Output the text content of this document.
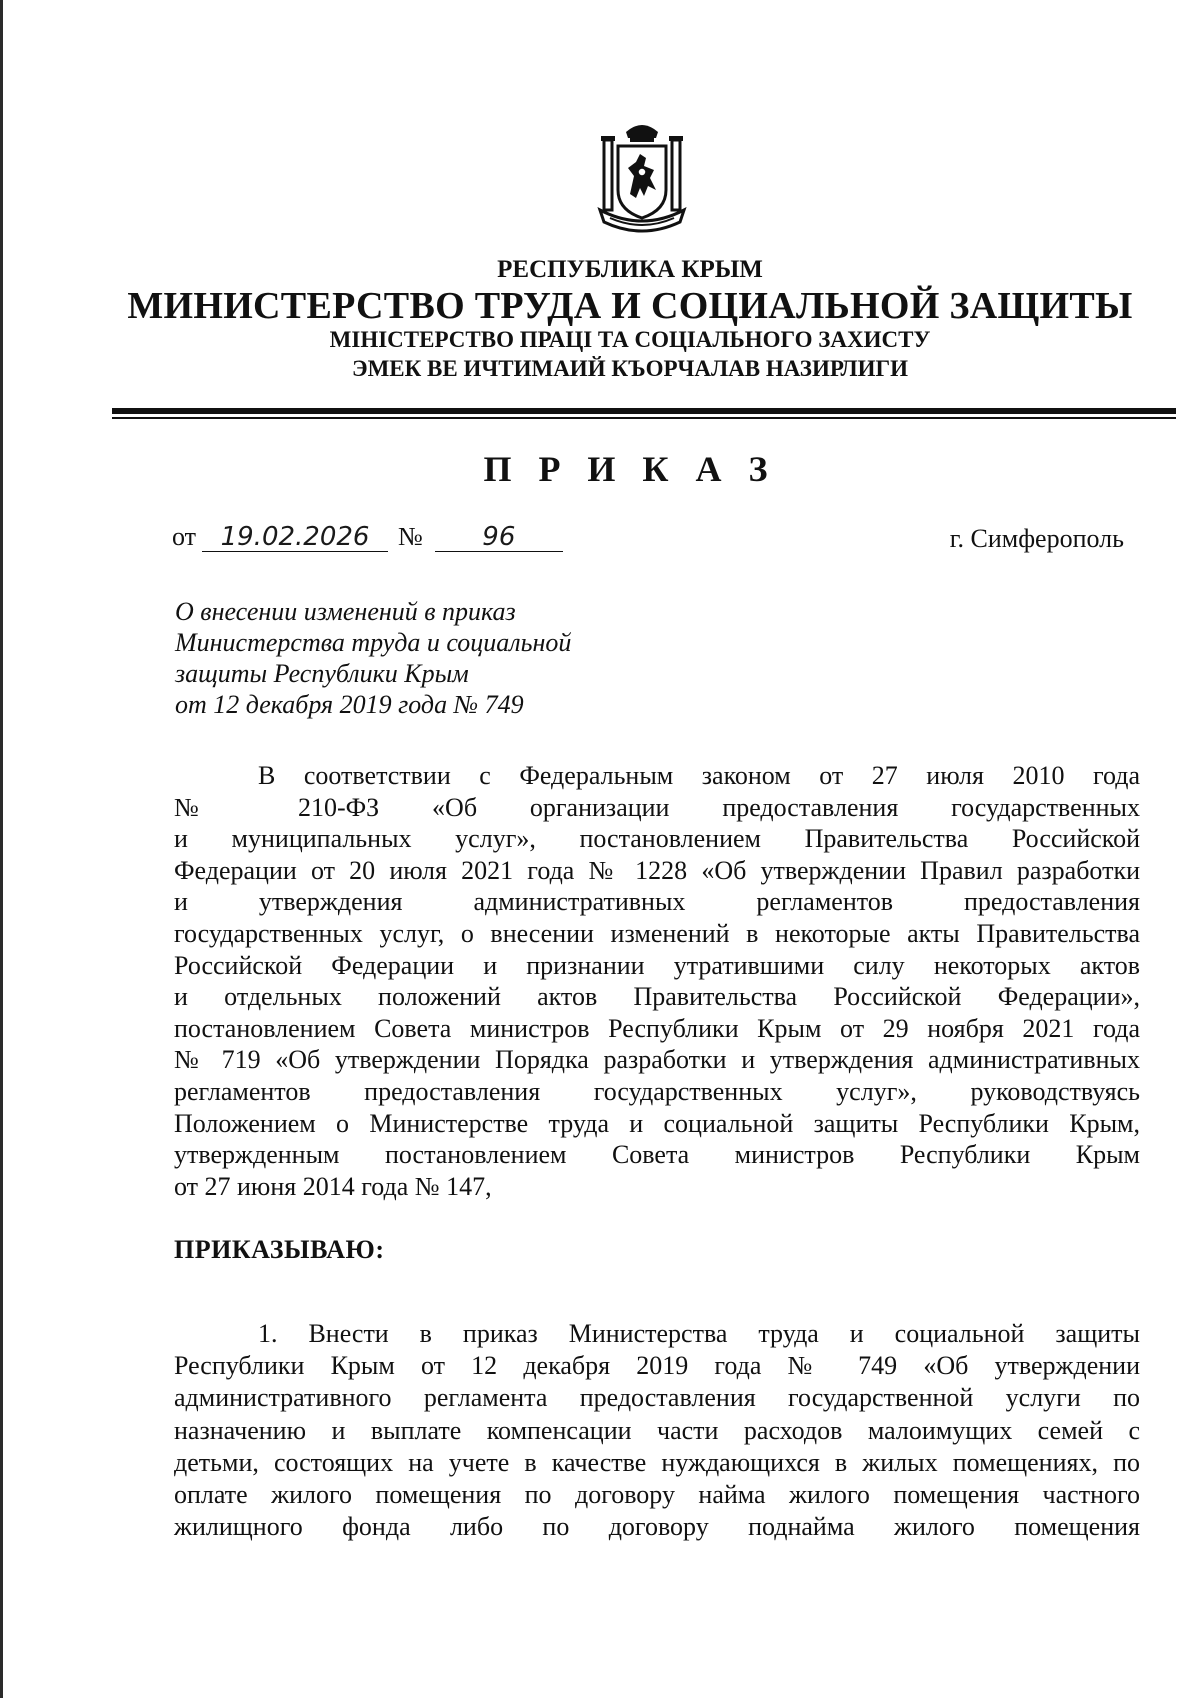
РЕСПУБЛИКА КРЫМ
МИНИСТЕРСТВО ТРУДА И СОЦИАЛЬНОЙ ЗАЩИТЫ
МІНІСТЕРСТВО ПРАЦІ ТА СОЦІАЛЬНОГО ЗАХИСТУ
ЭМЕК ВЕ ИЧТИМАИЙ КЪОРЧАЛАВ НАЗИРЛИГИ
П Р И К А З
от 19.02.2026	№	96	г. Симферополь
О внесении изменений в приказ
Министерства труда и социальной
защиты Республики Крым
от 12 декабря 2019 года № 749
В соответствии с Федеральным законом от 27 июля 2010 года
№ 210-ФЗ «Об организации предоставления государственных
и муниципальных услуг», постановлением Правительства Российской
Федерации от 20 июля 2021 года № 1228 «Об утверждении Правил разработки
и утверждения административных регламентов предоставления
государственных услуг, о внесении изменений в некоторые акты Правительства
Российской Федерации и признании утратившими силу некоторых актов
и отдельных положений актов Правительства Российской Федерации»,
постановлением Совета министров Республики Крым от 29 ноября 2021 года
№ 719 «Об утверждении Порядка разработки и утверждения административных
регламентов предоставления государственных услуг», руководствуясь
Положением о Министерстве труда и социальной защиты Республики Крым,
утвержденным постановлением Совета министров Республики Крым
от 27 июня 2014 года № 147,
ПРИКАЗЫВАЮ:
1. Внести в приказ Министерства труда и социальной защиты
Республики Крым от 12 декабря 2019 года № 749 «Об утверждении
административного регламента предоставления государственной услуги по
назначению и выплате компенсации части расходов малоимущих семей с
детьми, состоящих на учете в качестве нуждающихся в жилых помещениях, по
оплате жилого помещения по договору найма жилого помещения частного
жилищного фонда либо по договору поднайма жилого помещения
